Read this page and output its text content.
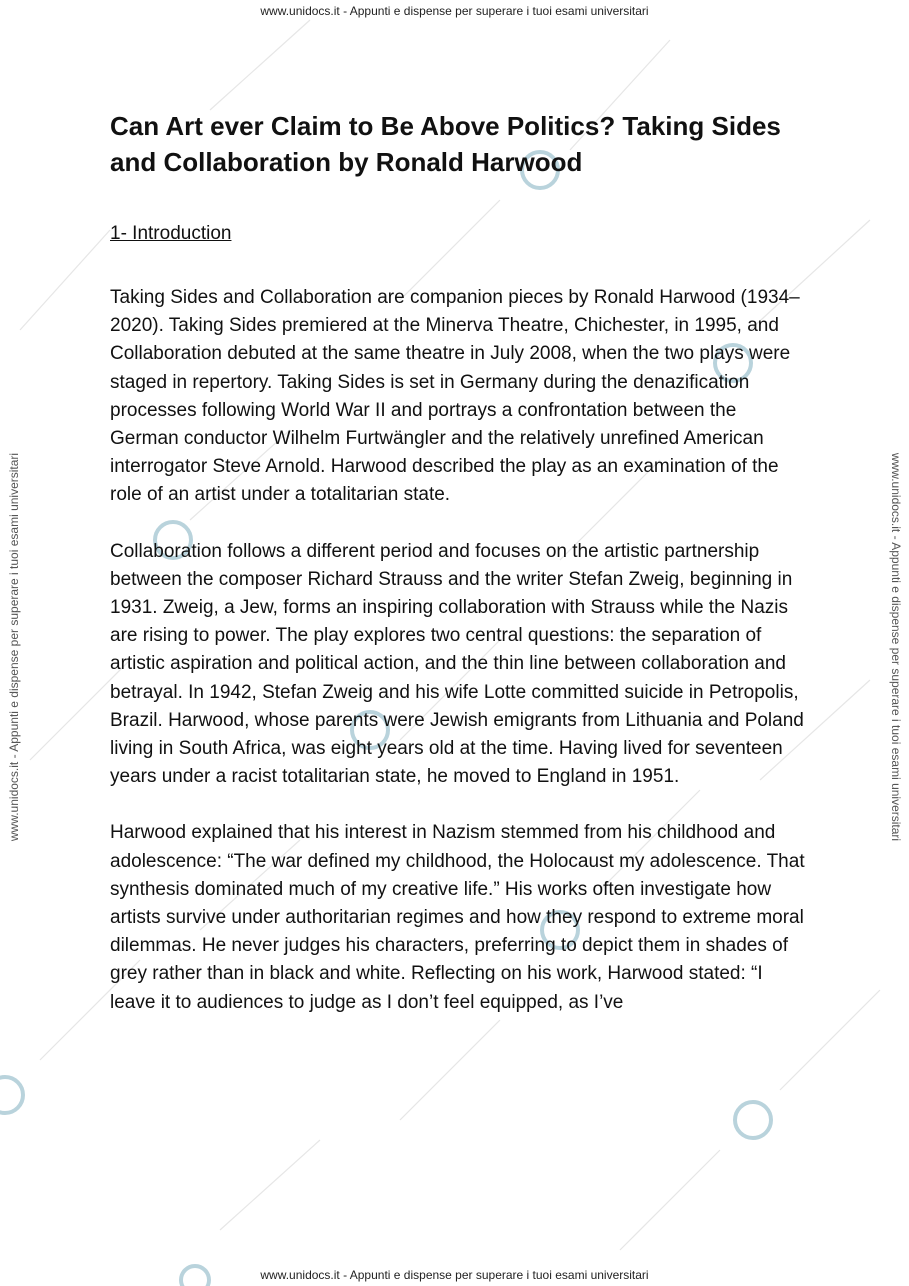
www.unidocs.it - Appunti e dispense per superare i tuoi esami universitari
www.unidocs.it - Appunti e dispense per superare i tuoi esami universitari	www.unidocs.it - Appunti e dispense per superare i tuoi esami universitari
Can Art ever Claim to Be Above Politics? Taking Sides and Collaboration by Ronald Harwood
1- Introduction

Taking Sides and Collaboration are companion pieces by Ronald Harwood (1934–2020). Taking Sides premiered at the Minerva Theatre, Chichester, in 1995, and Collaboration debuted at the same theatre in July 2008, when the two plays were staged in repertory. Taking Sides is set in Germany during the denazification processes following World War II and portrays a confrontation between the German conductor Wilhelm Furtwängler and the relatively unrefined American interrogator Steve Arnold. Harwood described the play as an examination of the role of an artist under a totalitarian state.

Collaboration follows a different period and focuses on the artistic partnership between the composer Richard Strauss and the writer Stefan Zweig, beginning in 1931. Zweig, a Jew, forms an inspiring collaboration with Strauss while the Nazis are rising to power. The play explores two central questions: the separation of artistic aspiration and political action, and the thin line between collaboration and betrayal. In 1942, Stefan Zweig and his wife Lotte committed suicide in Petropolis, Brazil. Harwood, whose parents were Jewish emigrants from Lithuania and Poland living in South Africa, was eight years old at the time. Having lived for seventeen years under a racist totalitarian state, he moved to England in 1951.

Harwood explained that his interest in Nazism stemmed from his childhood and adolescence: “The war defined my childhood, the Holocaust my adolescence. That synthesis dominated much of my creative life.” His works often investigate how artists survive under authoritarian regimes and how they respond to extreme moral dilemmas. He never judges his characters, preferring to depict them in shades of grey rather than in black and white. Reflecting on his work, Harwood stated: “I leave it to audiences to judge as I don’t feel equipped, as I’ve

www.unidocs.it - Appunti e dispense per superare i tuoi esami universitari
